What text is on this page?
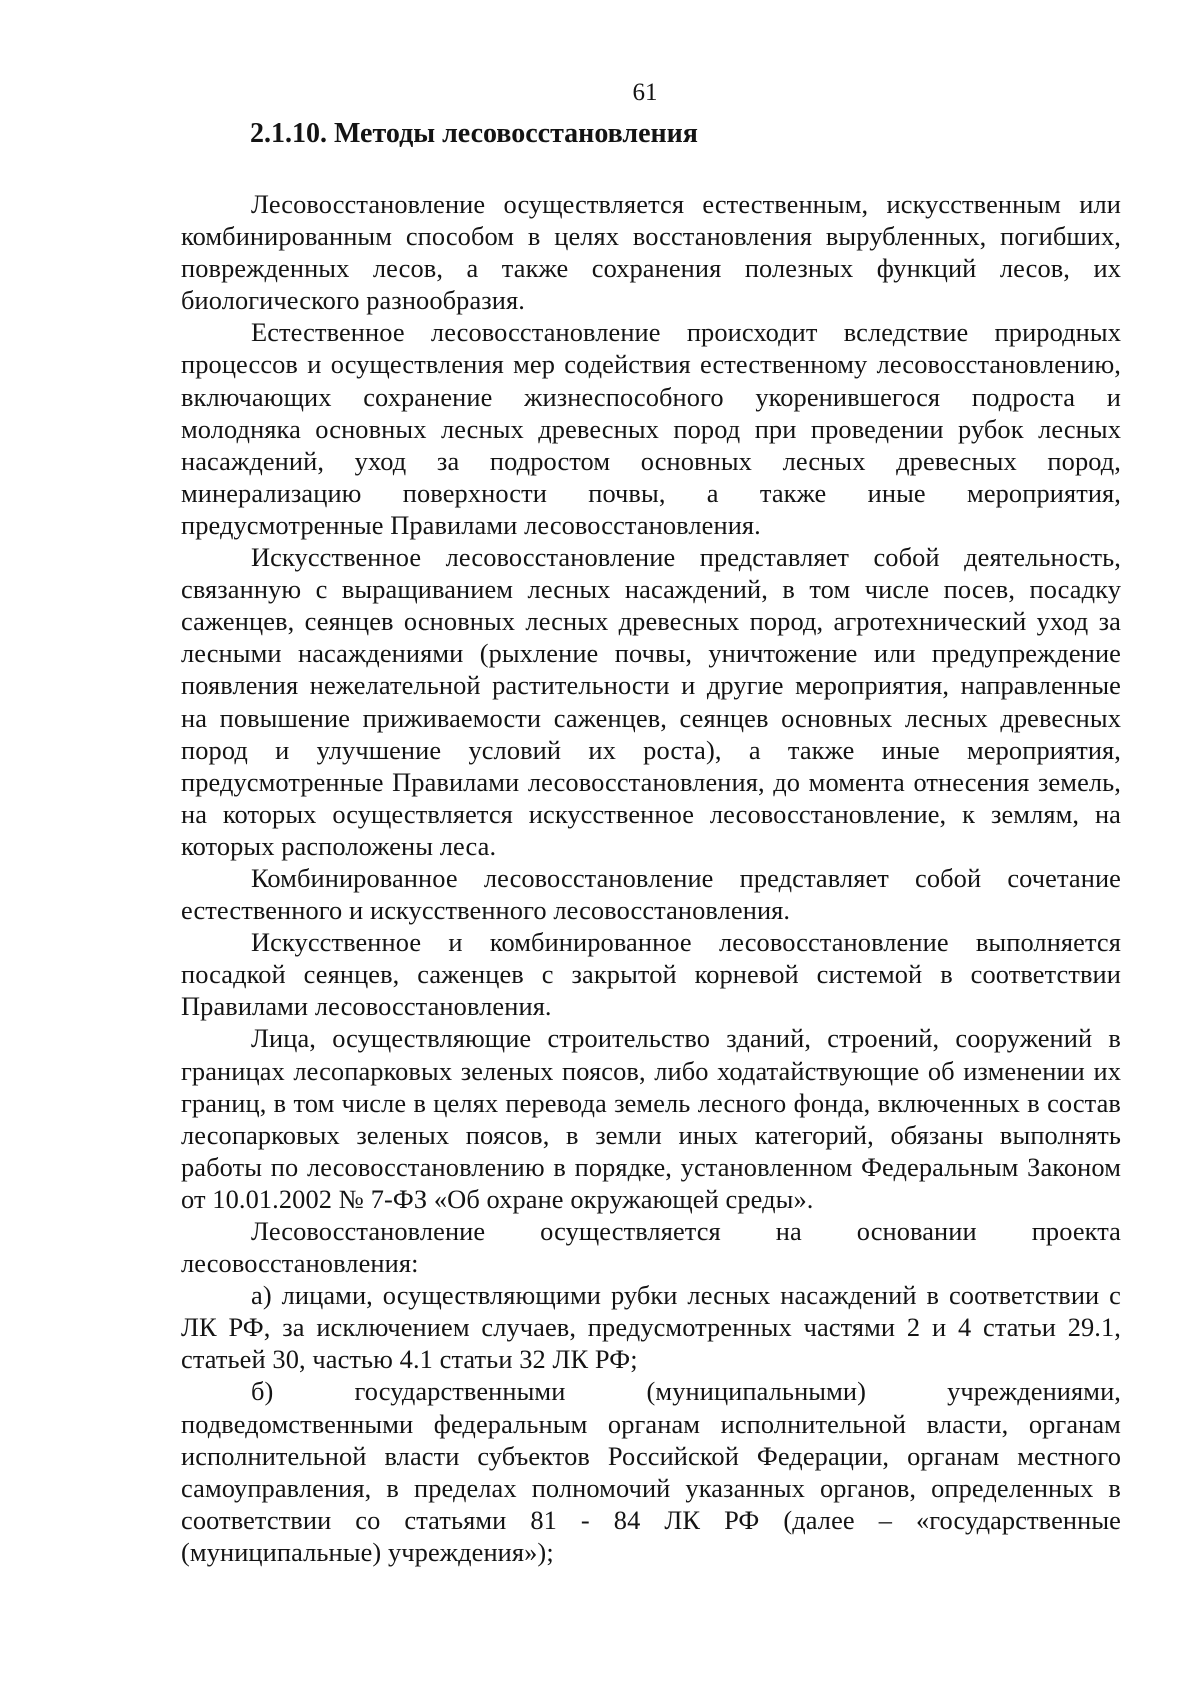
61
2.1.10. Методы лесовосстановления

Лесовосстановление осуществляется естественным, искусственным или комбинированным способом в целях восстановления вырубленных, погибших, поврежденных лесов, а также сохранения полезных функций лесов, их биологического разнообразия.

Естественное лесовосстановление происходит вследствие природных процессов и осуществления мер содействия естественному лесовосстановлению, включающих сохранение жизнеспособного укоренившегося подроста и молодняка основных лесных древесных пород при проведении рубок лесных насаждений, уход за подростом основных лесных древесных пород, минерализацию поверхности почвы, а также иные мероприятия, предусмотренные Правилами лесовосстановления.

Искусственное лесовосстановление представляет собой деятельность, связанную с выращиванием лесных насаждений, в том числе посев, посадку саженцев, сеянцев основных лесных древесных пород, агротехнический уход за лесными насаждениями (рыхление почвы, уничтожение или предупреждение появления нежелательной растительности и другие мероприятия, направленные на повышение приживаемости саженцев, сеянцев основных лесных древесных пород и улучшение условий их роста), а также иные мероприятия, предусмотренные Правилами лесовосстановления, до момента отнесения земель, на которых осуществляется искусственное лесовосстановление, к землям, на которых расположены леса.

Комбинированное лесовосстановление представляет собой сочетание естественного и искусственного лесовосстановления.

Искусственное и комбинированное лесовосстановление выполняется посадкой сеянцев, саженцев с закрытой корневой системой в соответствии Правилами лесовосстановления.

Лица, осуществляющие строительство зданий, строений, сооружений в границах лесопарковых зеленых поясов, либо ходатайствующие об изменении их границ, в том числе в целях перевода земель лесного фонда, включенных в состав лесопарковых зеленых поясов, в земли иных категорий, обязаны выполнять работы по лесовосстановлению в порядке, установленном Федеральным Законом от 10.01.2002 № 7-ФЗ «Об охране окружающей среды».

Лесовосстановление осуществляется на основании проекта лесовосстановления:

а) лицами, осуществляющими рубки лесных насаждений в соответствии с ЛК РФ, за исключением случаев, предусмотренных частями 2 и 4 статьи 29.1, статьей 30, частью 4.1 статьи 32 ЛК РФ;

б) государственными (муниципальными) учреждениями, подведомственными федеральным органам исполнительной власти, органам исполнительной власти субъектов Российской Федерации, органам местного самоуправления, в пределах полномочий указанных органов, определенных в соответствии со статьями 81 - 84 ЛК РФ (далее – «государственные (муниципальные) учреждения»);
